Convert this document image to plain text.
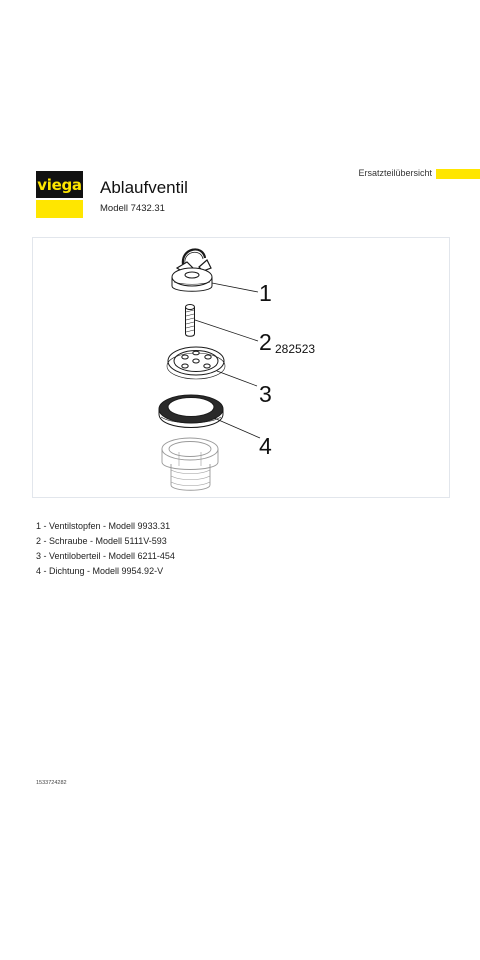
Ersatzteilübersicht
viega Ablaufventil
Modell 7432.31
1
2 282523
3
4
1 - Ventilstopfen - Modell 9933.31
2 - Schraube - Modell 5111V-593
3 - Ventiloberteil - Modell 6211-454
4 - Dichtung - Modell 9954.92-V
1533724282
